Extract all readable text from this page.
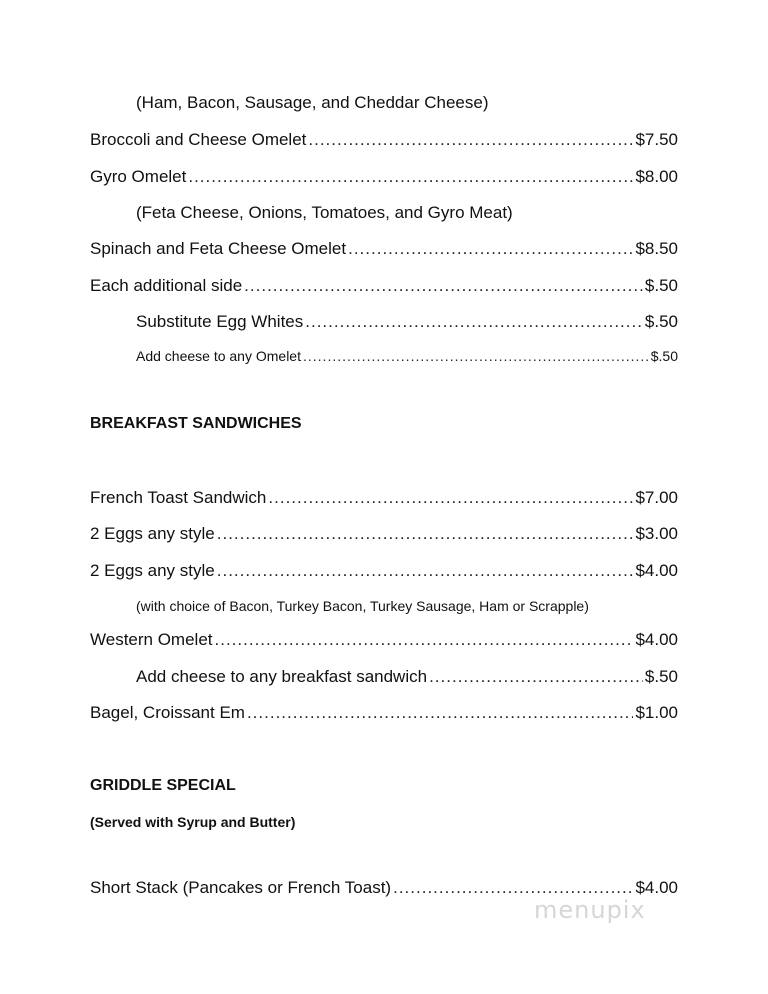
(Ham, Bacon, Sausage, and Cheddar Cheese)
Broccoli and Cheese Omelet .....	$7.50
Gyro Omelet .....	$8.00
(Feta Cheese, Onions, Tomatoes, and Gyro Meat)
Spinach and Feta Cheese Omelet .....	$8.50
Each additional side .....	$.50
Substitute Egg Whites .....	$.50
Add cheese to any Omelet .....	$.50
BREAKFAST SANDWICHES
French Toast Sandwich .....	$7.00
2 Eggs any style .....	$3.00
2 Eggs any style .....	$4.00
(with choice of Bacon, Turkey Bacon, Turkey Sausage, Ham or Scrapple)
Western Omelet .....	$4.00
Add cheese to any breakfast sandwich .....	$.50
Bagel, Croissant Em .....	$1.00
GRIDDLE SPECIAL
(Served with Syrup and Butter)
Short Stack (Pancakes or French Toast) .....	$4.00
menupix
